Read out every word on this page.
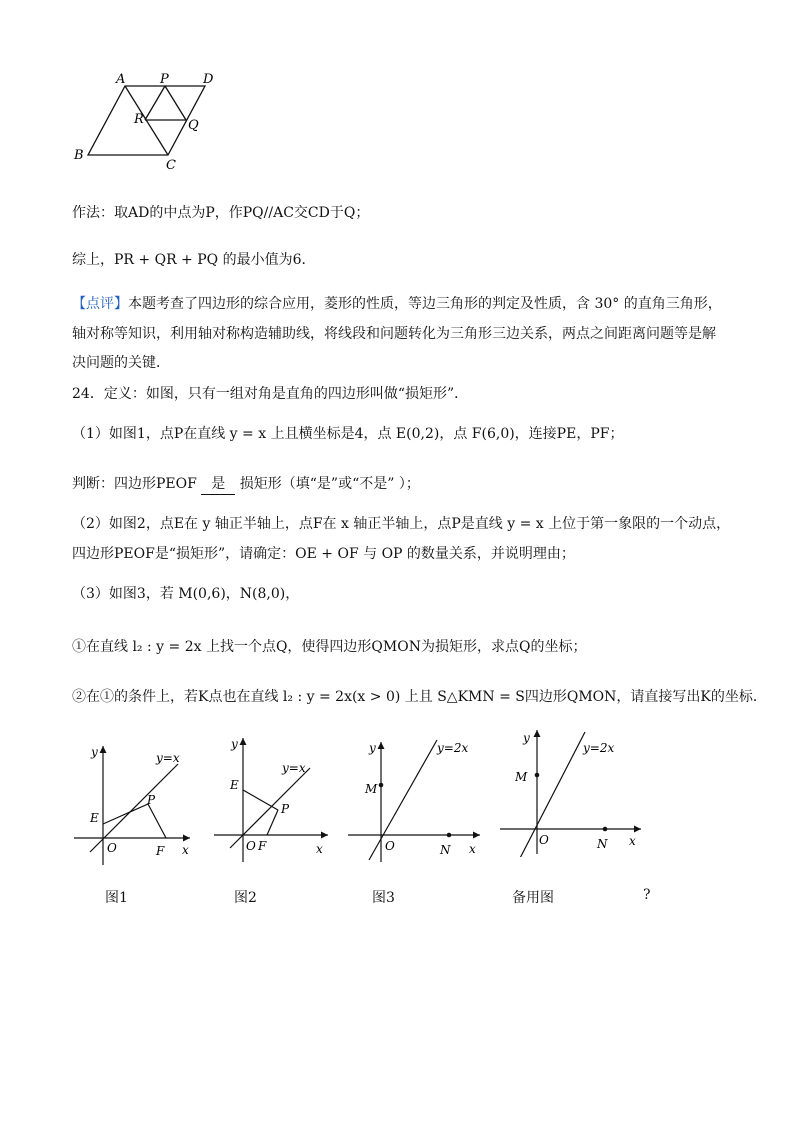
A	P	D
R	Q
B
C
作法：取AD的中点为P，作PQ//AC交CD于Q；
综上，PR + QR + PQ 的最小值为6．
【点评】本题考查了四边形的综合应用，菱形的性质，等边三角形的判定及性质，含 30° 的直角三角形，
轴对称等知识，利用轴对称构造辅助线，将线段和问题转化为三角形三边关系，两点之间距离问题等是解
决问题的关键．
24．定义：如图，只有一组对角是直角的四边形叫做“损矩形”．
（1）如图1，点P在直线 y = x 上且横坐标是4，点 E(0,2)，点 F(6,0)，连接PE，PF；
判断：四边形PEOF 是 损矩形（填“是”或“不是” ）；
（2）如图2，点E在 y 轴正半轴上，点F在 x 轴正半轴上，点P是直线 y = x 上位于第一象限的一个动点，
四边形PEOF是“损矩形”，请确定：OE + OF 与 OP 的数量关系，并说明理由；
（3）如图3，若 M(0,6)，N(8,0)，
①在直线 l₂ : y = 2x 上找一个点Q，使得四边形QMON为损矩形，求点Q的坐标；
②在①的条件上，若K点也在直线 l₂ : y = 2x(x > 0) 上且 S△KMN = S四边形QMON，请直接写出K的坐标．
y
x
y=x
E
P
O	F
图1
y
x
y=x
E
P
O F
图2
y
x
y=2x
M
O	N
图3
y
x
y=2x
M
O	N
备用图	?
